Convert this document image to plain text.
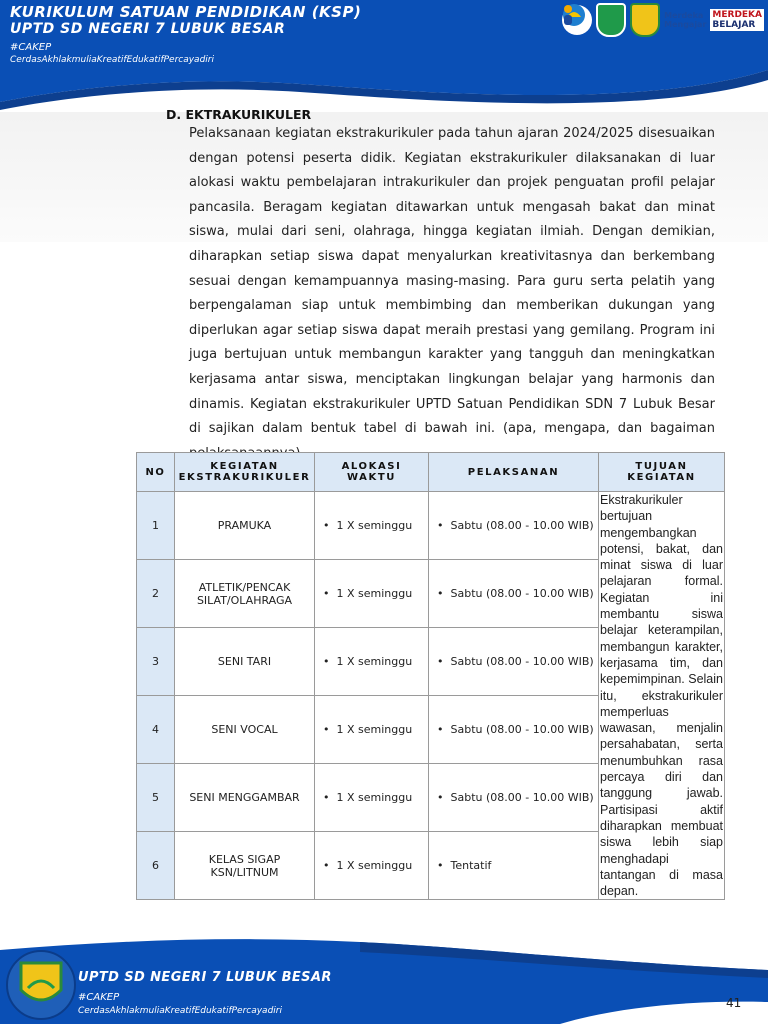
KURIKULUM SATUAN PENDIDIKAN (KSP)
UPTD SD NEGERI 7 LUBUK BESAR
#CAKEP
CerdasAkhlakmuliaKreatifEdukatifPercayadiri
Merdeka
Mengajar
MERDEKA
BELAJAR
D. EKTRAKURIKULER
Pelaksanaan kegiatan ekstrakurikuler pada tahun ajaran 2024/2025 disesuaikan dengan potensi peserta didik. Kegiatan ekstrakurikuler dilaksanakan di luar alokasi waktu pembelajaran intrakurikuler dan projek penguatan profil pelajar pancasila. Beragam kegiatan ditawarkan untuk mengasah bakat dan minat siswa, mulai dari seni, olahraga, hingga kegiatan ilmiah. Dengan demikian, diharapkan setiap siswa dapat menyalurkan kreativitasnya dan berkembang sesuai dengan kemampuannya masing-masing. Para guru serta pelatih yang berpengalaman siap untuk membimbing dan memberikan dukungan yang diperlukan agar setiap siswa dapat meraih prestasi yang gemilang. Program ini juga bertujuan untuk membangun karakter yang tangguh dan meningkatkan kerjasama antar siswa, menciptakan lingkungan belajar yang harmonis dan dinamis. Kegiatan ekstrakurikuler UPTD Satuan Pendidikan SDN 7 Lubuk Besar di sajikan dalam bentuk tabel di bawah ini. (apa, mengapa, dan bagaiman
NO	KEGIATAN EKSTRAKURIKULER	ALOKASI WAKTU	PELAKSANAN	TUJUAN KEGIATAN
1	PRAMUKA	• 1 X seminggu	• Sabtu (08.00 - 10.00 WIB)	Ekstrakurikuler bertujuan mengembangkan potensi, bakat, dan minat siswa di luar pelajaran formal. Kegiatan ini membantu siswa belajar keterampilan, membangun karakter, kerjasama tim, dan kepemimpinan. Selain itu, ekstrakurikuler memperluas wawasan, menjalin persahabatan, serta menumbuhkan rasa percaya diri dan tanggung jawab. Partisipasi aktif diharapkan membuat siswa lebih siap menghadapi tantangan di masa depan.
2	ATLETIK/PENCAK SILAT/OLAHRAGA	• 1 X seminggu	• Sabtu (08.00 - 10.00 WIB)
3	SENI TARI	• 1 X seminggu	• Sabtu (08.00 - 10.00 WIB)
4	SENI VOCAL	• 1 X seminggu	• Sabtu (08.00 - 10.00 WIB)
5	SENI MENGGAMBAR	• 1 X seminggu	• Sabtu (08.00 - 10.00 WIB)
6	KELAS SIGAP KSN/LITNUM	• 1 X seminggu	• Tentatif
UPTD SD NEGERI 7 LUBUK BESAR
#CAKEP
CerdasAkhlakmuliaKreatifEdukatifPercayadiri
41
